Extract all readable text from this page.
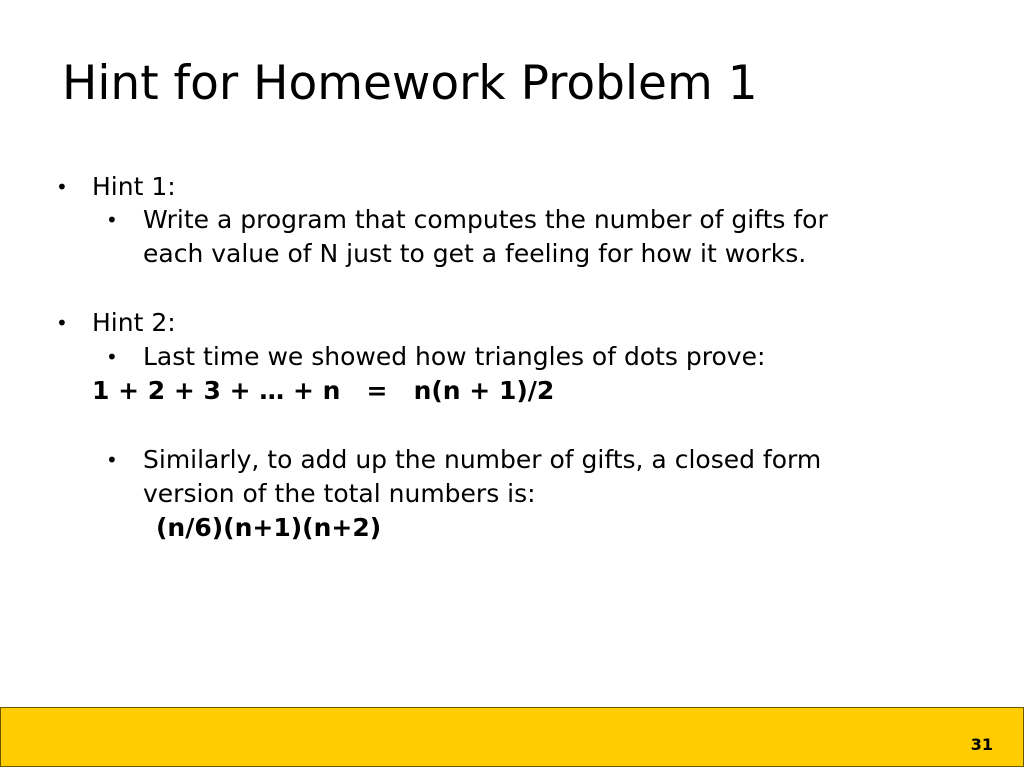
Hint for Homework Problem 1
• Hint 1:
• Write a program that computes the number of gifts for
each value of N just to get a feeling for how it works.
• Hint 2:
• Last time we showed how triangles of dots prove:
1 + 2 + 3 + … + n   =   n(n + 1)/2
• Similarly, to add up the number of gifts, a closed form
version of the total numbers is:
(n/6)(n+1)(n+2)
31
